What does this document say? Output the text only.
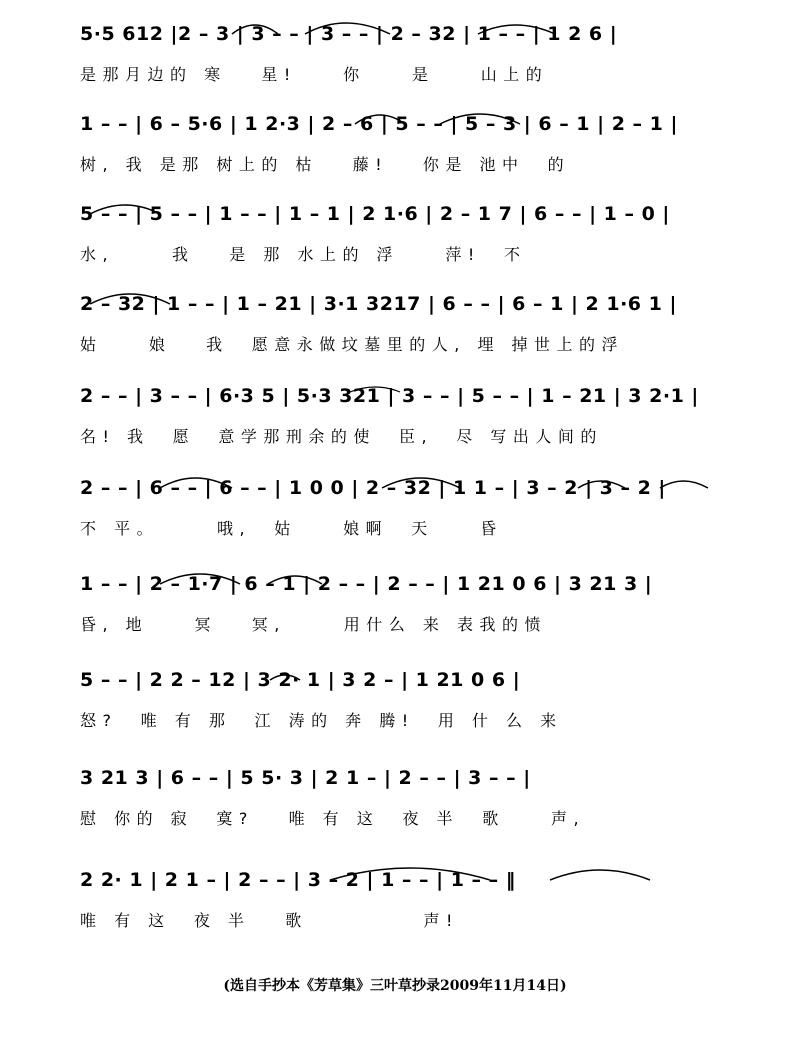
5·5 612 |2 – 3 | 3 – – | 3 – – | 2 – 32 | 1 – – | 1 2 6 |
是那月边的 寒   星!    你    是    山上的
1 – – | 6 – 5·6 | 1 2·3 | 2 – 6 | 5 – – | 5 – 3 | 6 – 1 | 2 – 1 |
树, 我 是那 树上的 枯   藤!   你是 池中  的
5 – – | 5 – – | 1 – – | 1 – 1 | 2 1·6 | 2 – 1 7 | 6 – – | 1 – 0 |
水,     我   是 那 水上的 浮    萍!  不
2 – 32 | 1 – – | 1 – 21 | 3·1 3217 | 6 – – | 6 – 1 | 2 1·6 1 |
姑    娘   我  愿意永做坟墓里的人, 埋 掉世上的浮
2 – – | 3 – – | 6·3 5 | 5·3 321 | 3 – – | 5 – – | 1 – 21 | 3 2·1 |
名! 我  愿  意学那刑余的使  臣,  尽 写出人间的
2 – – | 6 – – | 6 – – | 1 0 0 | 2 – 32 | 1 1 – | 3 – 2 | 3 – 2 |
不 平。     哦,  姑    娘啊  天    昏
1 – – | 2 – 1·7 | 6 – 1 | 2 – – | 2 – – | 1 21 0 6 | 3 21 3 |
昏, 地    冥   冥,     用什么 来 表我的愤
5 – – | 2 2 – 12 | 3 2· 1 | 3 2 – | 1 21 0 6 |
怒?  唯 有 那  江 涛的 奔 腾!  用 什 么 来
3 21 3 | 6 – – | 5 5· 3 | 2 1 – | 2 – – | 3 – – |
慰 你的 寂  寞?   唯 有 这  夜 半  歌    声,
2 2· 1 | 2 1 – | 2 – – | 3 – 2 | 1 – – | 1 – – ‖
唯 有 这  夜 半   歌          声!
(选自手抄本《芳草集》三叶草抄录2009年11月14日)
